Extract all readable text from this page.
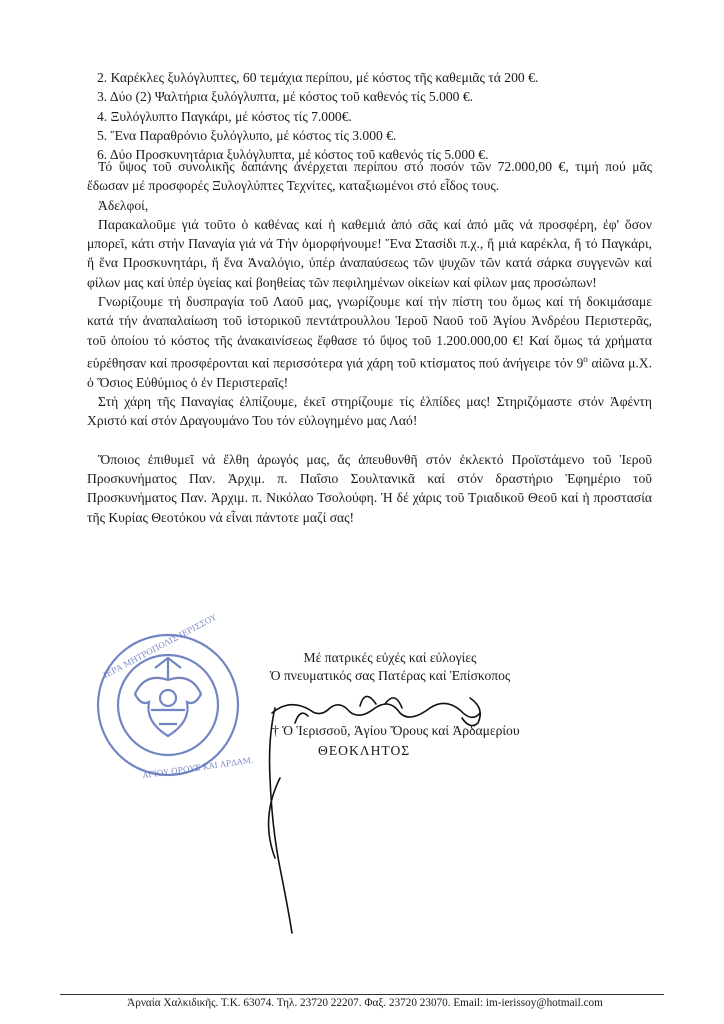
2. Καρέκλες ξυλόγλυπτες, 60 τεμάχια περίπου, μέ κόστος τῆς καθεμιᾶς τά 200 €.
3. Δύο (2) Ψαλτήρια ξυλόγλυπτα, μέ κόστος τοῦ καθενός τίς 5.000 €.
4. Ξυλόγλυπτο Παγκάρι, μέ κόστος τίς 7.000€.
5. Ἕνα Παραθρόνιο ξυλόγλυπο, μέ κόστος τίς 3.000 €.
6. Δύο Προσκυνητάρια ξυλόγλυπτα, μέ κόστος τοῦ καθενός τίς 5.000 €.

Τό ὕψος τοῦ συνολικῆς δαπάνης ἀνέρχεται περίπου στό ποσόν τῶν 72.000,00 €, τιμή πού μᾶς ἔδωσαν μέ προσφορές Ξυλογλύπτες Τεχνίτες, καταξιωμένοι στό εἶδος τους.

Ἀδελφοί,

Παρακαλοῦμε γιά τοῦτο ὁ καθένας καί ἡ καθεμιά ἀπό σᾶς καί ἀπό μᾶς νά προσφέρη, ἐφ' ὅσον μπορεῖ, κάτι στήν Παναγία γιά νά Τήν ὀμορφήνουμε! Ἕνα Στασίδι π.χ., ἤ μιά καρέκλα, ἤ τό Παγκάρι, ἤ ἕνα Προσκυνητάρι, ἤ ἕνα Ἀναλόγιο, ὑπέρ ἀναπαύσεως τῶν ψυχῶν τῶν κατά σάρκα συγγενῶν καί φίλων μας καί ὑπέρ ὑγείας καί βοηθείας τῶν πεφιλημένων οἰκείων καί φίλων μας προσώπων!

Γνωρίζουμε τή δυσπραγία τοῦ Λαοῦ μας, γνωρίζουμε καί τήν πίστη του ὅμως καί τή δοκιμάσαμε κατά τήν ἀναπαλαίωση τοῦ ἱστορικοῦ πεντάτρουλλου Ἱεροῦ Ναοῦ τοῦ Ἁγίου Ἀνδρέου Περιστερᾶς, τοῦ ὁποίου τό κόστος τῆς ἀνακαινίσεως ἔφθασε τό ὕψος τοῦ 1.200.000,00 €! Καί ὅμως τά χρήματα εὑρέθησαν καί προσφέρονται καί περισσότερα γιά χάρη τοῦ κτίσματος πού ἀνήγειρε τόν $9^o$ αἰῶνα μ.Χ. ὁ Ὅσιος Εὐθύμιος ὁ ἐν Περιστεραῖς!

Στή χάρη τῆς Παναγίας ἐλπίζουμε, ἐκεῖ στηρίζουμε τίς ἐλπίδες μας! Στηριζόμαστε στόν Ἀφέντη Χριστό καί στόν Δραγουμάνο Του τόν εὐλογημένο μας Λαό!

Ὅποιος ἐπιθυμεῖ νά ἔλθη ἀρωγός μας, ἄς ἀπευθυνθῆ στόν ἐκλεκτό Προϊστάμενο τοῦ Ἱεροῦ Προσκυνήματος Παν. Ἀρχιμ. π. Παΐσιο Σουλτανικᾶ καί στόν δραστήριο Ἐφημέριο τοῦ Προσκυνήματος Παν. Ἀρχιμ. π. Νικόλαο Τσολούφη. Ἡ δέ χάρις τοῦ Τριαδικοῦ Θεοῦ καί ἡ προστασία τῆς Κυρίας Θεοτόκου νά εἶναι πάντοτε μαζί σας!

ΙΕΡΑ ΜΗΤΡΟΠΟΛΙΣ ΙΕΡΙΣΣΟΥ
ΑΓΙΟΥ ΟΡΟΥΣ ΚΑΙ ΑΡΔΑΜ.
Μέ πατρικές εὐχές καί εὐλογίες
Ὁ πνευματικός σας Πατέρας καί Ἐπίσκοπος
† Ὁ Ἱερισσοῦ, Ἁγίου Ὄρους καί Ἀρδαμερίου
ΘΕΟΚΛΗΤΟΣ
Ἀρναία Χαλκιδικῆς. Τ.Κ. 63074. Τηλ. 23720 22207. Φαξ. 23720 23070. Email: im-ierissoy@hotmail.com
